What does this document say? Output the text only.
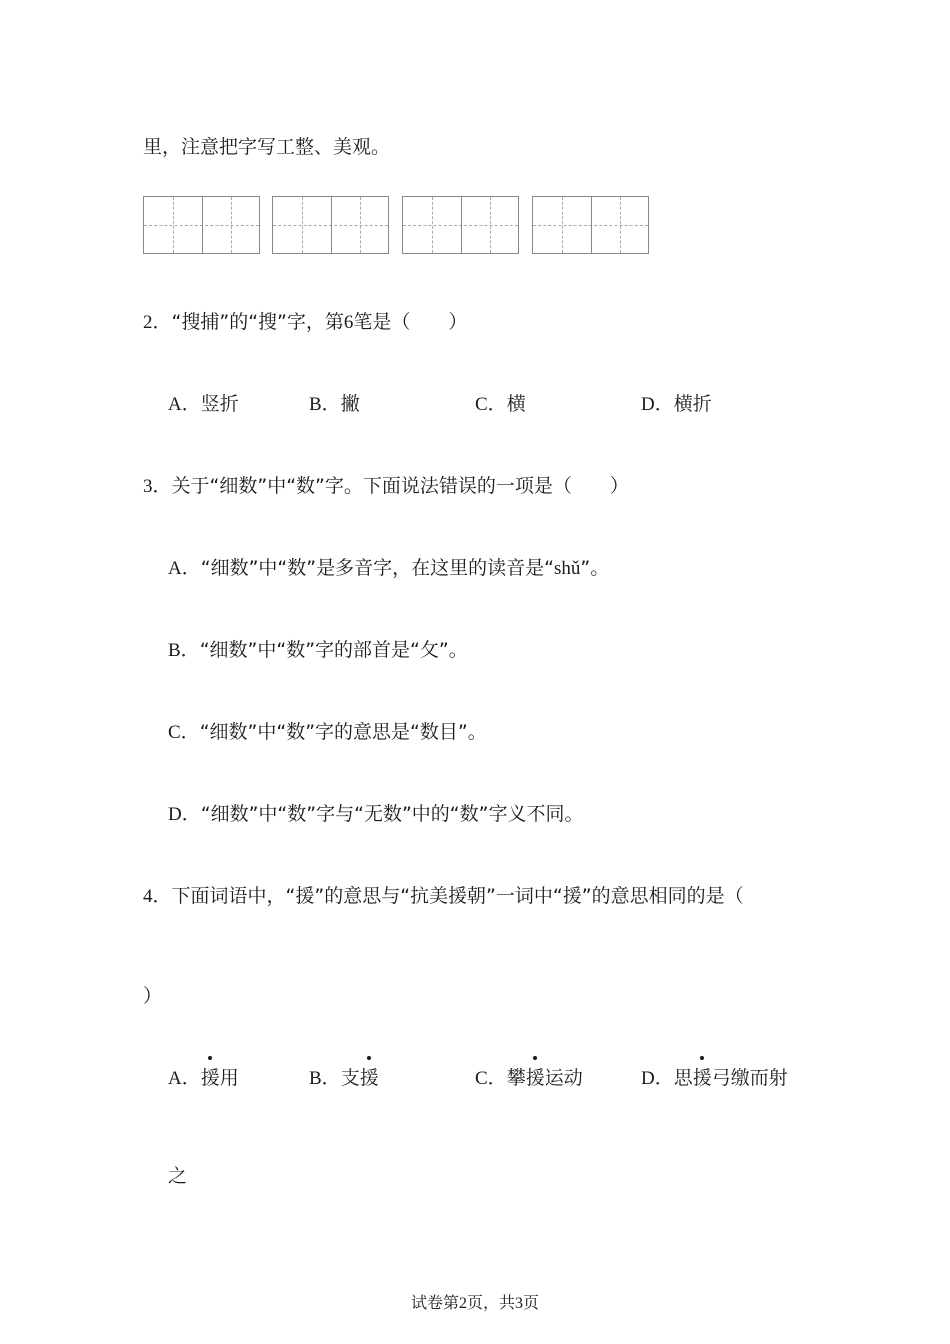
里，注意把字写工整、美观。
2．“搜捕”的“搜”字，第6笔是（　　）
A．竖折	B．撇	C．横	D．横折
3．关于“细数”中“数”字。下面说法错误的一项是（　　）
A．“细数”中“数”是多音字，在这里的读音是“shǔ”。
B．“细数”中“数”字的部首是“攵”。
C．“细数”中“数”字的意思是“数目”。
D．“细数”中“数”字与“无数”中的“数”字义不同。
4．下面词语中，“援”的意思与“抗美援朝”一词中“援”的意思相同的是（
）
A．援用	B．支援	C．攀援运动	D．思援弓缴而射
之
试卷第2页，共3页
